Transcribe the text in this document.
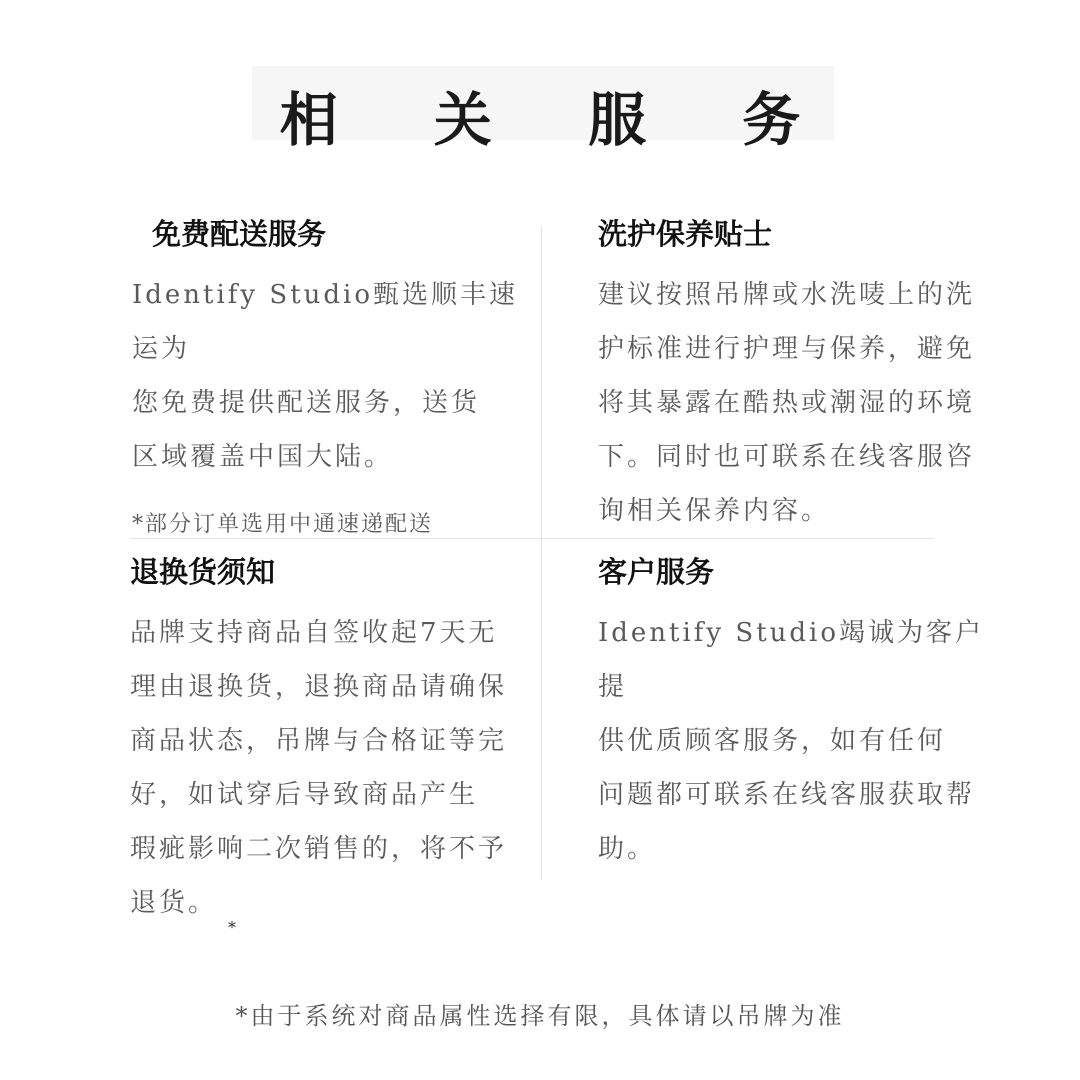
相 关 服 务
免费配送服务

Identify Studio甄选顺丰速运为
您免费提供配送服务，送货
区域覆盖中国大陆。

*部分订单选用中通速递配送

洗护保养贴士

建议按照吊牌或水洗唛上的洗
护标准进行护理与保养，避免
将其暴露在酷热或潮湿的环境
下。同时也可联系在线客服咨
询相关保养内容。

退换货须知

品牌支持商品自签收起7天无
理由退换货，退换商品请确保
商品状态，吊牌与合格证等完
好，如试穿后导致商品产生
瑕疵影响二次销售的，将不予
退货。

客户服务

Identify Studio竭诚为客户提
供优质顾客服务，如有任何
问题都可联系在线客服获取帮
助。

*

*由于系统对商品属性选择有限，具体请以吊牌为准
